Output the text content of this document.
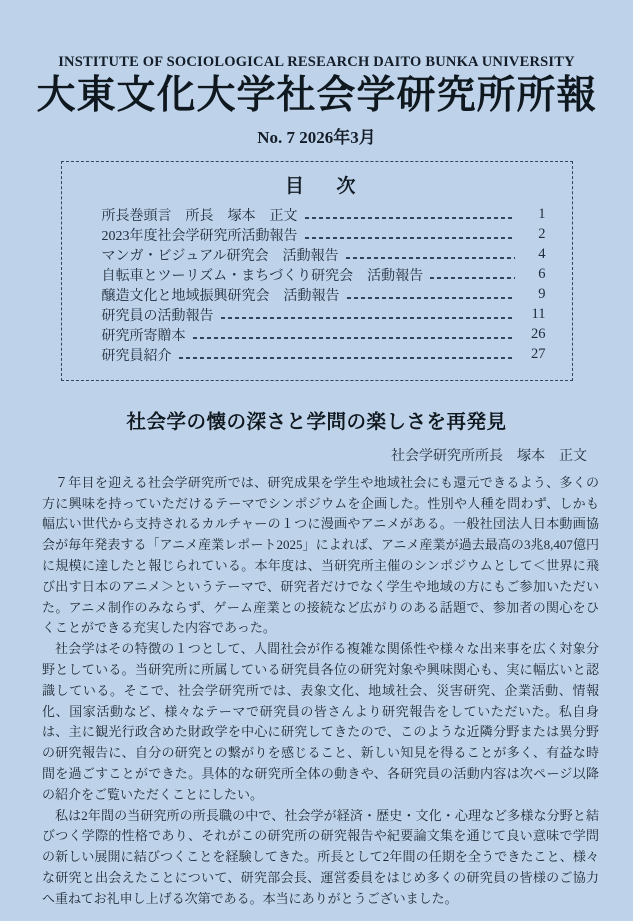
INSTITUTE OF SOCIOLOGICAL RESEARCH DAITO BUNKA UNIVERSITY
大東文化大学社会学研究所所報
No. 7 2026年3月
目　次
所長巻頭言　所長　塚本　正文	1
2023年度社会学研究所活動報告	2
マンガ・ビジュアル研究会　活動報告	4
自転車とツーリズム・まちづくり研究会　活動報告	6
醸造文化と地域振興研究会　活動報告	9
研究員の活動報告	11
研究所寄贈本	26
研究員紹介	27
社会学の懐の深さと学問の楽しさを再発見
社会学研究所所長　塚本　正文

７年目を迎える社会学研究所では、研究成果を学生や地域社会にも還元できるよう、多くの方に興味を持っていただけるテーマでシンポジウムを企画した。性別や人種を問わず、しかも幅広い世代から支持されるカルチャーの１つに漫画やアニメがある。一般社団法人日本動画協会が毎年発表する「アニメ産業レポート2025」によれば、アニメ産業が過去最高の3兆8,407億円に規模に達したと報じられている。本年度は、当研究所主催のシンポジウムとして＜世界に飛び出す日本のアニメ＞というテーマで、研究者だけでなく学生や地域の方にもご参加いただいた。アニメ制作のみならず、ゲーム産業との接続など広がりのある話題で、参加者の関心をひくことができる充実した内容であった。

社会学はその特徴の１つとして、人間社会が作る複雑な関係性や様々な出来事を広く対象分野としている。当研究所に所属している研究員各位の研究対象や興味関心も、実に幅広いと認識している。そこで、社会学研究所では、表象文化、地域社会、災害研究、企業活動、情報化、国家活動など、様々なテーマで研究員の皆さんより研究報告をしていただいた。私自身は、主に観光行政含めた財政学を中心に研究してきたので、このような近隣分野または異分野の研究報告に、自分の研究との繋がりを感じること、新しい知見を得ることが多く、有益な時間を過ごすことができた。具体的な研究所全体の動きや、各研究員の活動内容は次ページ以降の紹介をご覧いただくことにしたい。

私は2年間の当研究所の所長職の中で、社会学が経済・歴史・文化・心理など多様な分野と結びつく学際的性格であり、それがこの研究所の研究報告や紀要論文集を通じて良い意味で学問の新しい展開に結びつくことを経験してきた。所長として2年間の任期を全うできたこと、様々な研究と出会えたことについて、研究部会長、運営委員をはじめ多くの研究員の皆様のご協力へ重ねてお礼申し上げる次第である。本当にありがとうございました。
